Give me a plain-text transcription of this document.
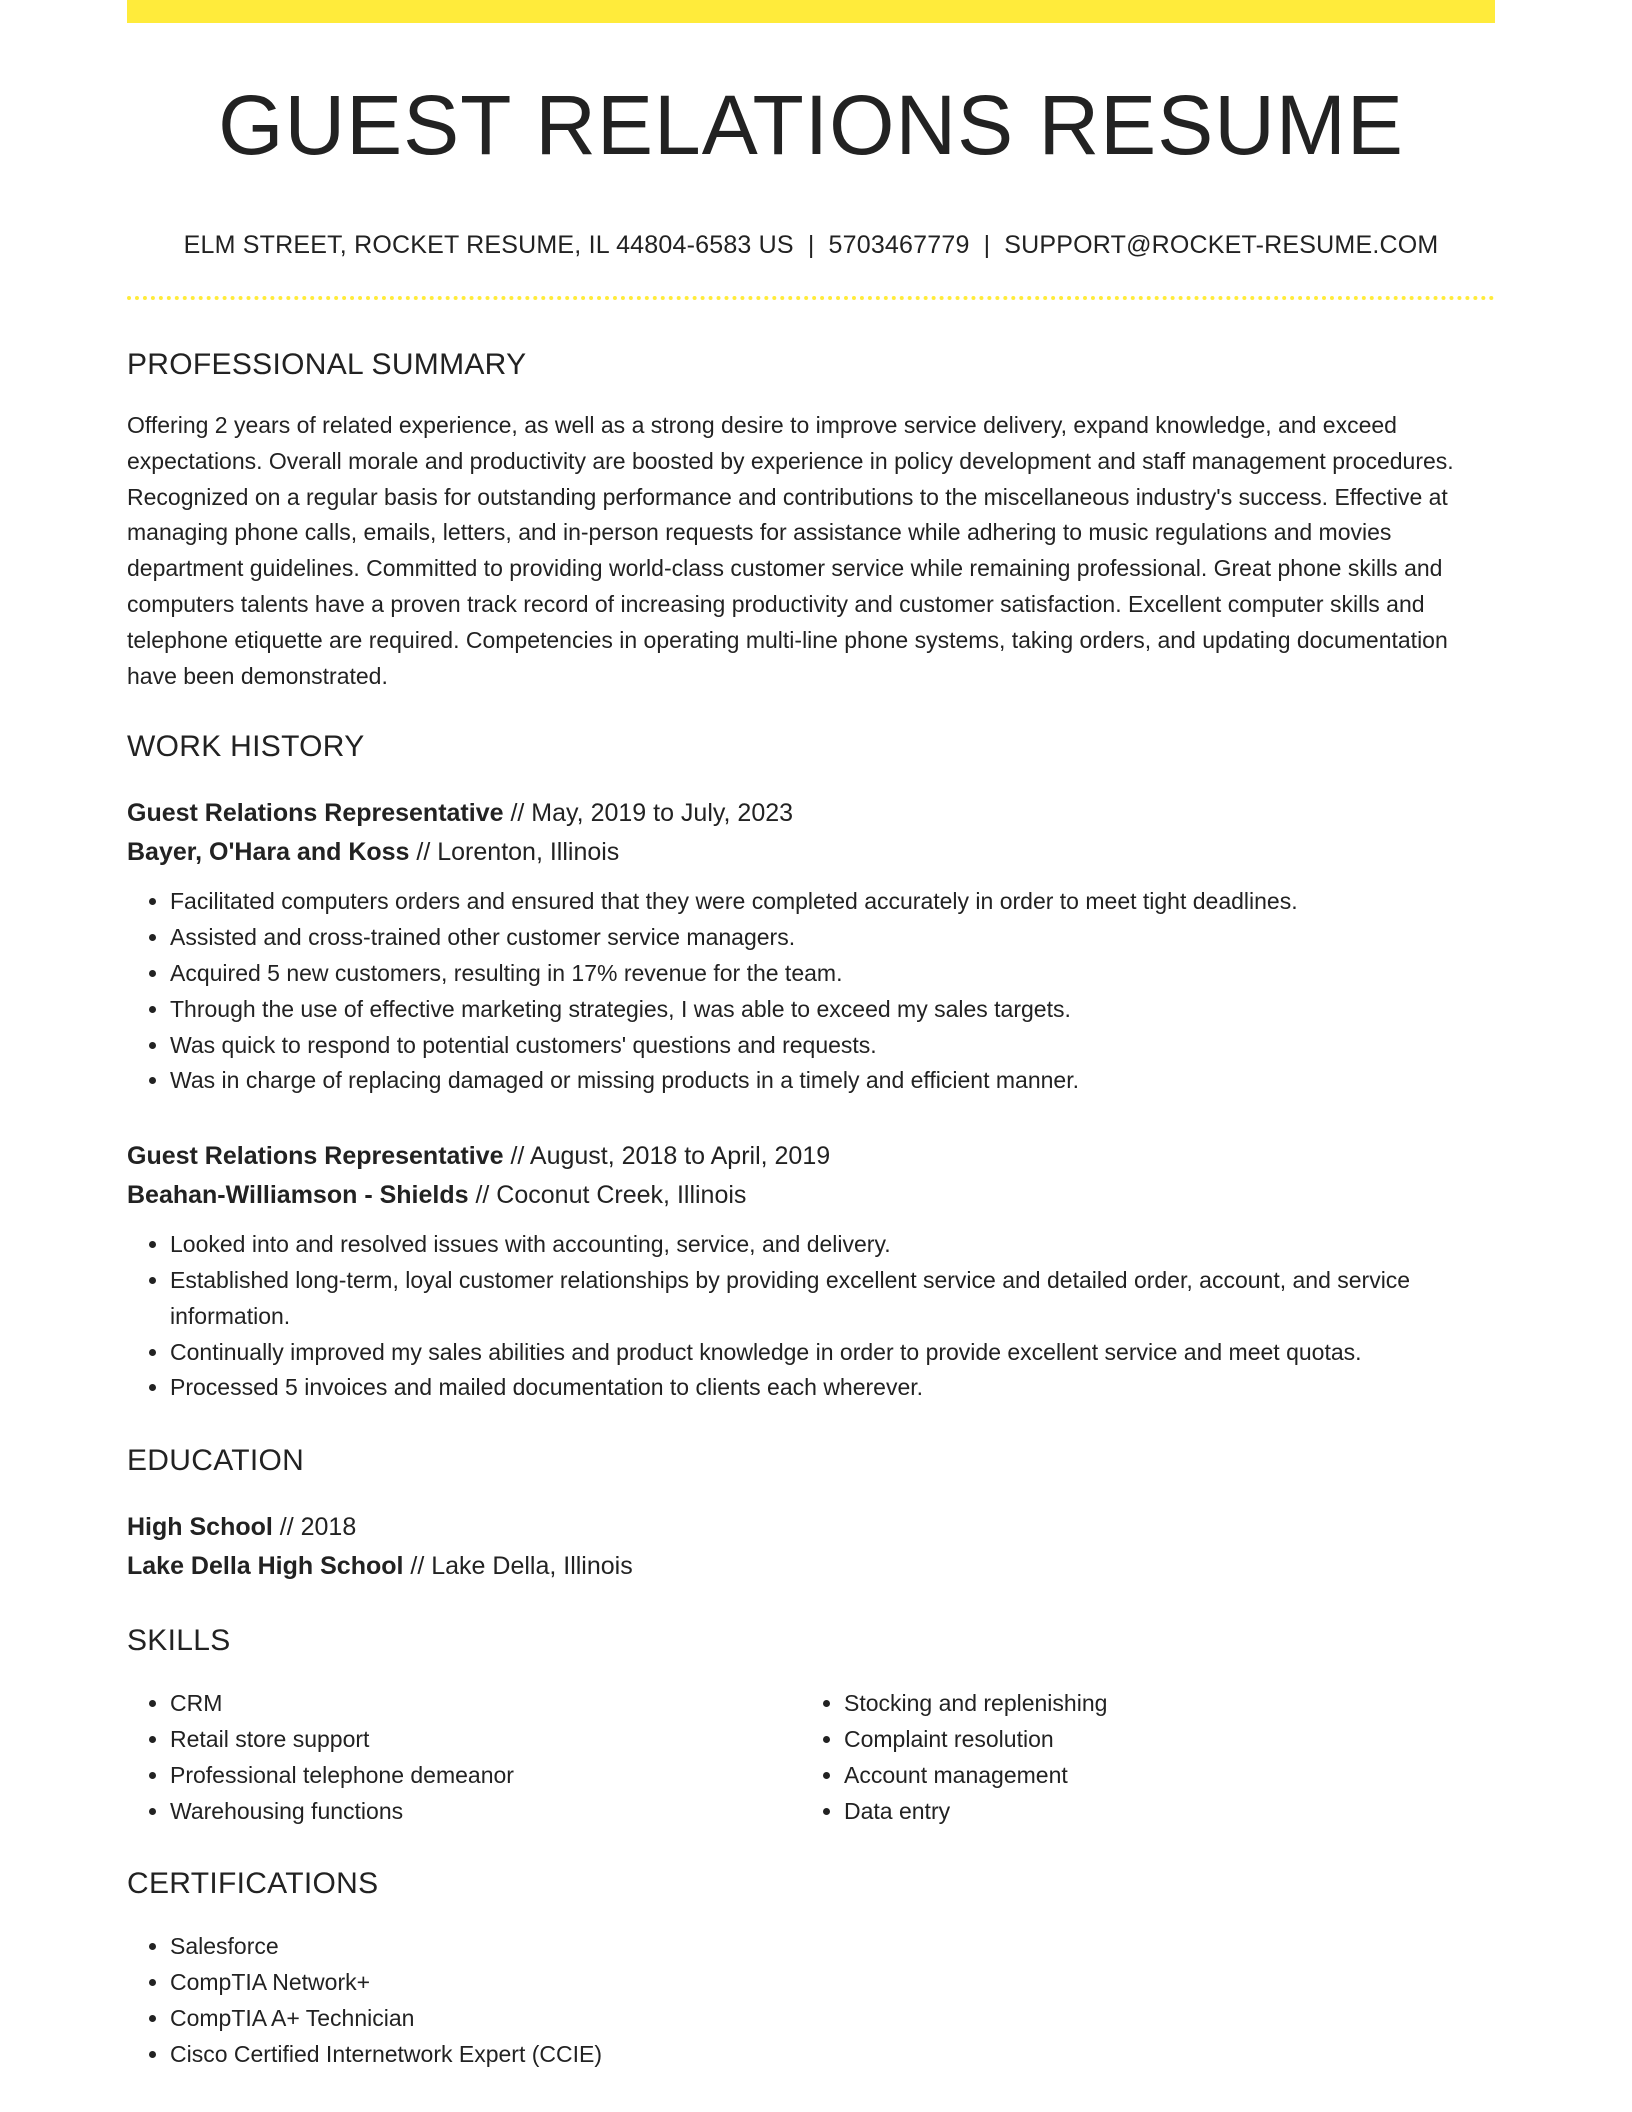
GUEST RELATIONS RESUME
ELM STREET, ROCKET RESUME, IL 44804-6583 US | 5703467779 | SUPPORT@ROCKET-RESUME.COM
PROFESSIONAL SUMMARY
Offering 2 years of related experience, as well as a strong desire to improve service delivery, expand knowledge, and exceed expectations. Overall morale and productivity are boosted by experience in policy development and staff management procedures. Recognized on a regular basis for outstanding performance and contributions to the miscellaneous industry's success. Effective at managing phone calls, emails, letters, and in-person requests for assistance while adhering to music regulations and movies department guidelines. Committed to providing world-class customer service while remaining professional. Great phone skills and computers talents have a proven track record of increasing productivity and customer satisfaction. Excellent computer skills and telephone etiquette are required. Competencies in operating multi-line phone systems, taking orders, and updating documentation have been demonstrated.
WORK HISTORY
Guest Relations Representative // May, 2019 to July, 2023
Bayer, O'Hara and Koss // Lorenton, Illinois
• Facilitated computers orders and ensured that they were completed accurately in order to meet tight deadlines.
• Assisted and cross-trained other customer service managers.
• Acquired 5 new customers, resulting in 17% revenue for the team.
• Through the use of effective marketing strategies, I was able to exceed my sales targets.
• Was quick to respond to potential customers' questions and requests.
• Was in charge of replacing damaged or missing products in a timely and efficient manner.
Guest Relations Representative // August, 2018 to April, 2019
Beahan-Williamson - Shields // Coconut Creek, Illinois
• Looked into and resolved issues with accounting, service, and delivery.
• Established long-term, loyal customer relationships by providing excellent service and detailed order, account, and service information.
• Continually improved my sales abilities and product knowledge in order to provide excellent service and meet quotas.
• Processed 5 invoices and mailed documentation to clients each wherever.
EDUCATION
High School // 2018
Lake Della High School // Lake Della, Illinois
SKILLS
• CRM
• Retail store support
• Professional telephone demeanor
• Warehousing functions
• Stocking and replenishing
• Complaint resolution
• Account management
• Data entry
CERTIFICATIONS
• Salesforce
• CompTIA Network+
• CompTIA A+ Technician
• Cisco Certified Internetwork Expert (CCIE)
